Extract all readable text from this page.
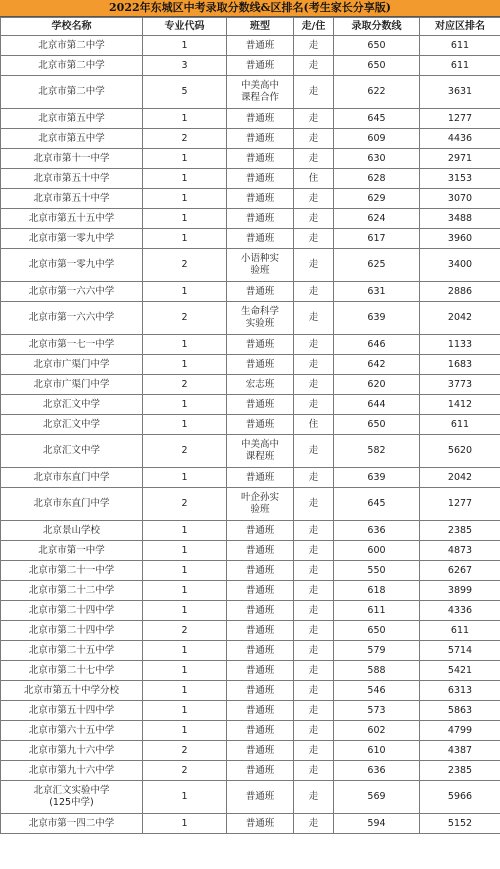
2022年东城区中考录取分数线&区排名(考生家长分享版)
学校名称	专业代码	班型	走/住	录取分数线	对应区排名
北京市第二中学	1	普通班	走	650	611
北京市第二中学	3	普通班	走	650	611
北京市第二中学	5	中美高中
课程合作	走	622	3631
北京市第五中学	1	普通班	走	645	1277
北京市第五中学	2	普通班	走	609	4436
北京市第十一中学	1	普通班	走	630	2971
北京市第五十中学	1	普通班	住	628	3153
北京市第五十中学	1	普通班	走	629	3070
北京市第五十五中学	1	普通班	走	624	3488
北京市第一零九中学	1	普通班	走	617	3960
北京市第一零九中学	2	小语种实
验班	走	625	3400
北京市第一六六中学	1	普通班	走	631	2886
北京市第一六六中学	2	生命科学
实验班	走	639	2042
北京市第一七一中学	1	普通班	走	646	1133
北京市广渠门中学	1	普通班	走	642	1683
北京市广渠门中学	2	宏志班	走	620	3773
北京汇文中学	1	普通班	走	644	1412
北京汇文中学	1	普通班	住	650	611
北京汇文中学	2	中美高中
课程班	走	582	5620
北京市东直门中学	1	普通班	走	639	2042
北京市东直门中学	2	叶企孙实
验班	走	645	1277
北京景山学校	1	普通班	走	636	2385
北京市第一中学	1	普通班	走	600	4873
北京市第二十一中学	1	普通班	走	550	6267
北京市第二十二中学	1	普通班	走	618	3899
北京市第二十四中学	1	普通班	走	611	4336
北京市第二十四中学	2	普通班	走	650	611
北京市第二十五中学	1	普通班	走	579	5714
北京市第二十七中学	1	普通班	走	588	5421
北京市第五十中学分校	1	普通班	走	546	6313
北京市第五十四中学	1	普通班	走	573	5863
北京市第六十五中学	1	普通班	走	602	4799
北京市第九十六中学	2	普通班	走	610	4387
北京市第九十六中学	2	普通班	走	636	2385
北京汇文实验中学
(125中学)	1	普通班	走	569	5966
北京市第一四二中学	1	普通班	走	594	5152
